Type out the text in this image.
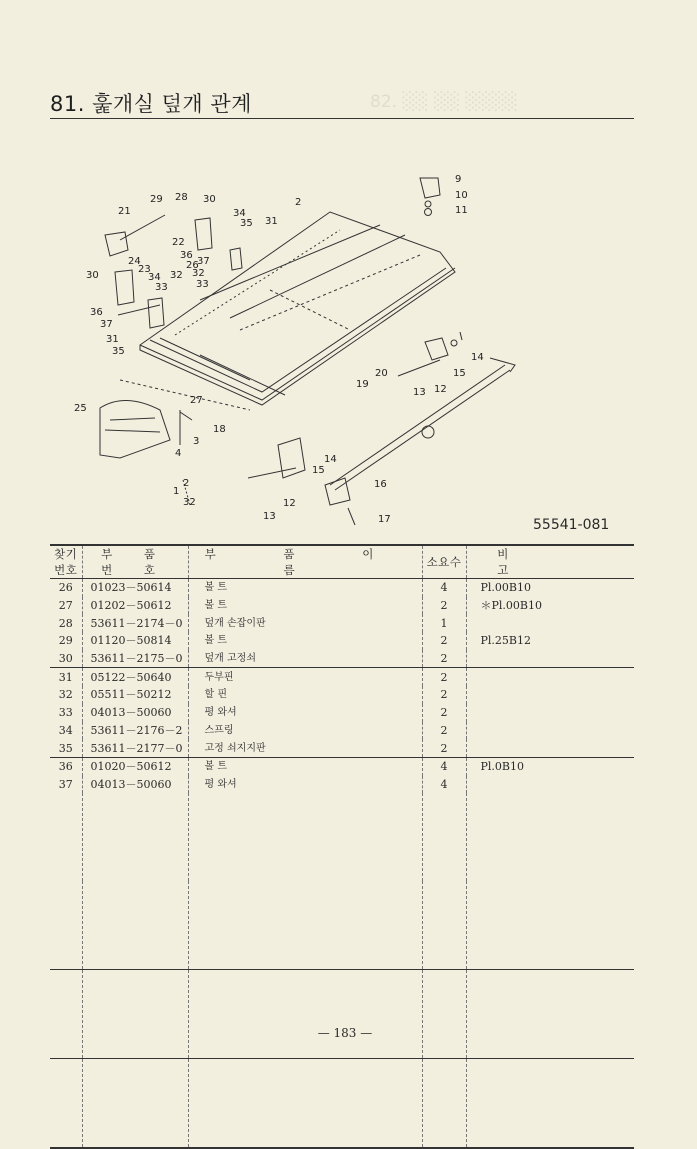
81. 훑개실 덮개 관계	82. ░░ ░░ ░░░░
2
9
10
11
21
29 28 30
34
35 31
22
36
37
26
32
24
23
34 32
33
33
30
36
37
31
35
14
15
12
13
20
19
27
25
18
3
4
14
15
16
12
13	17
2
1
32
55541-081
찾기 번호	부 품 번 호	부 품 이 름	소요수	비 고
26	01023－50614	볼 트	4	Pl.00B10
27	01202－50612	볼 트	2	＊Pl.00B10
28	53611－2174－0	덮개 손잡이판	1	
29	01120－50814	볼 트	2	Pl.25B12
30	53611－2175－0	덮개 고정쇠	2	
31	05122－50640	두부핀	2	
32	05511－50212	할 핀	2	
33	04013－50060	평 와셔	2	
34	53611－2176－2	스프링	2	
35	53611－2177－0	고정 쇠지지판	2	
36	01020－50612	볼 트	4	Pl.0B10
37	04013－50060	평 와셔	4	

— 183 —
